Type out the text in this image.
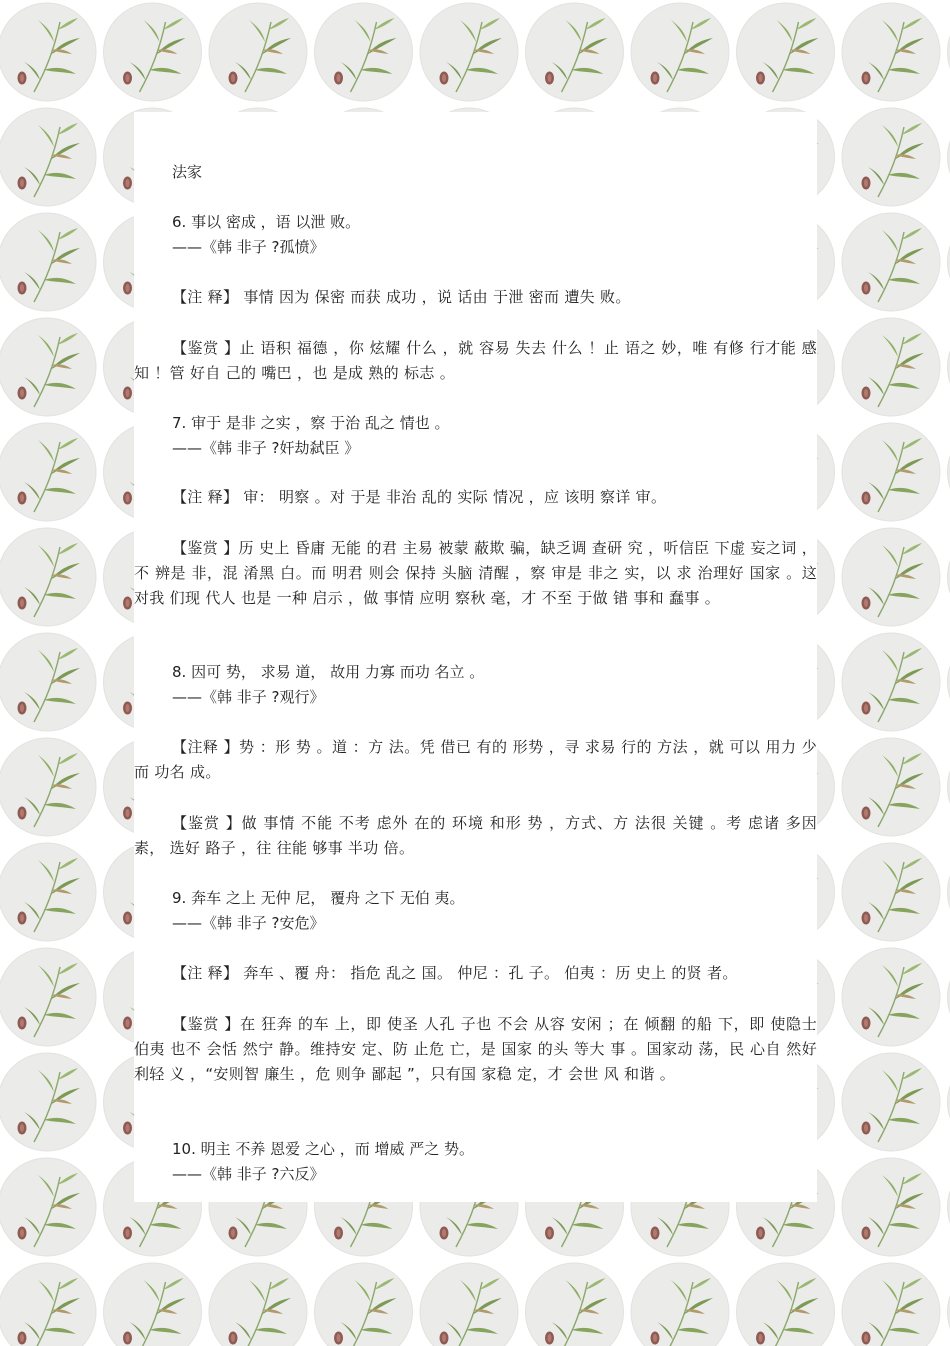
法家

6. 事以 密成 ，语 以泄 败。

——《韩 非子 ?孤愤》

【注 释】 事情 因为 保密 而获 成功 ，说 话由 于泄 密而 遭失 败。

【鉴赏 】止 语积 福德 ，你 炫耀 什么 ，就 容易 失去 什么 ！止 语之 妙，唯 有修 行才能 感知 ！管 好自 己的 嘴巴 ，也 是成 熟的 标志 。

7. 审于 是非 之实 ，察 于治 乱之 情也 。

——《韩 非子 ?奸劫弑臣 》

【注 释】 审： 明察 。对 于是 非治 乱的 实际 情况 ，应 该明 察详 审。

【鉴赏 】历 史上 昏庸 无能 的君 主易 被蒙 蔽欺 骗，缺乏调 查研 究 ，听信臣 下虚 妄之词 ，不 辨是 非，混 淆黑 白。而 明君 则会 保持 头脑 清醒 ，察 审是 非之 实，以 求 治理好 国家 。这 对我 们现 代人 也是 一种 启示 ，做 事情 应明 察秋 毫，才 不至 于做 错 事和 蠢事 。

8. 因可 势， 求易 道， 故用 力寡 而功 名立 。

——《韩 非子 ?观行》

【注释 】势 ：形 势 。道 ：方 法。凭 借已 有的 形势 ，寻 求易 行的 方法 ，就 可以 用力 少而 功名 成。

【鉴赏 】做 事情 不能 不考 虑外 在的 环境 和形 势 ，方式、方 法很 关键 。考 虑诸 多因 素， 选好 路子 ，往 往能 够事 半功 倍。

9. 奔车 之上 无仲 尼， 覆舟 之下 无伯 夷。

——《韩 非子 ?安危》

【注 释】 奔车 、覆 舟： 指危 乱之 国。 仲尼 ：孔 子。 伯夷 ：历 史上 的贤 者。

【鉴赏 】在 狂奔 的车 上，即 使圣 人孔 子也 不会 从容 安闲 ；在 倾翻 的船 下，即 使隐士 伯夷 也不 会恬 然宁 静。维持安 定、防 止危 亡，是 国家 的头 等大 事 。国家动 荡，民 心自 然好 利轻 义 ，“安则智 廉生 ，危 则争 鄙起 ”，只有国 家稳 定，才 会世 风 和谐 。

10. 明主 不养 恩爱 之心 ，而 增威 严之 势。

——《韩 非子 ?六反》
